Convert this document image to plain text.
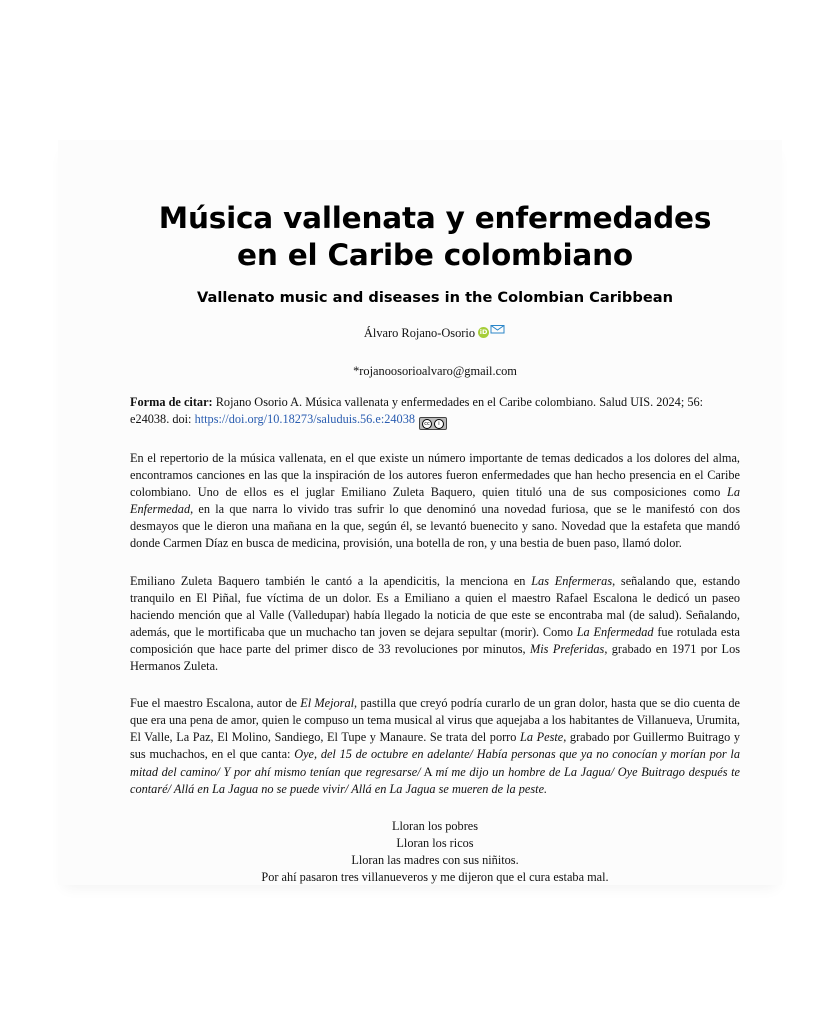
Música vallenata y enfermedades
en el Caribe colombiano
Vallenato music and diseases in the Colombian Caribbean
Álvaro Rojano-Osorio iD
*rojanoosorioalvaro@gmail.com
Forma de citar: Rojano Osorio A. Música vallenata y enfermedades en el Caribe colombiano. Salud UIS. 2024; 56: e24038. doi: https://doi.org/10.18273/saluduis.56.e:24038	cc	i

En el repertorio de la música vallenata, en el que existe un número importante de temas dedicados a los dolores del alma, encontramos canciones en las que la inspiración de los autores fueron enfermedades que han hecho presencia en el Caribe colombiano. Uno de ellos es el juglar Emiliano Zuleta Baquero, quien tituló una de sus composiciones como La Enfermedad, en la que narra lo vivido tras sufrir lo que denominó una novedad furiosa, que se le manifestó con dos desmayos que le dieron una mañana en la que, según él, se levantó buenecito y sano. Novedad que la estafeta que mandó donde Carmen Díaz en busca de medicina, provisión, una botella de ron, y una bestia de buen paso, llamó dolor.

Emiliano Zuleta Baquero también le cantó a la apendicitis, la menciona en Las Enfermeras, señalando que, estando tranquilo en El Piñal, fue víctima de un dolor. Es a Emiliano a quien el maestro Rafael Escalona le dedicó un paseo haciendo mención que al Valle (Valledupar) había llegado la noticia de que este se encontraba mal (de salud). Señalando, además, que le mortificaba que un muchacho tan joven se dejara sepultar (morir). Como La Enfermedad fue rotulada esta composición que hace parte del primer disco de 33 revoluciones por minutos, Mis Preferidas, grabado en 1971 por Los Hermanos Zuleta.

Fue el maestro Escalona, autor de El Mejoral, pastilla que creyó podría curarlo de un gran dolor, hasta que se dio cuenta de que era una pena de amor, quien le compuso un tema musical al virus que aquejaba a los habitantes de Villanueva, Urumita, El Valle, La Paz, El Molino, Sandiego, El Tupe y Manaure. Se trata del porro La Peste, grabado por Guillermo Buitrago y sus muchachos, en el que canta: Oye, del 15 de octubre en adelante/ Había personas que ya no conocían y morían por la mitad del camino/ Y por ahí mismo tenían que regresarse/ A mí me dijo un hombre de La Jagua/ Oye Buitrago después te contaré/ Allá en La Jagua no se puede vivir/ Allá en La Jagua se mueren de la peste.

Lloran los pobres
Lloran los ricos
Lloran las madres con sus niñitos.
Por ahí pasaron tres villanueveros y me dijeron que el cura estaba mal.
